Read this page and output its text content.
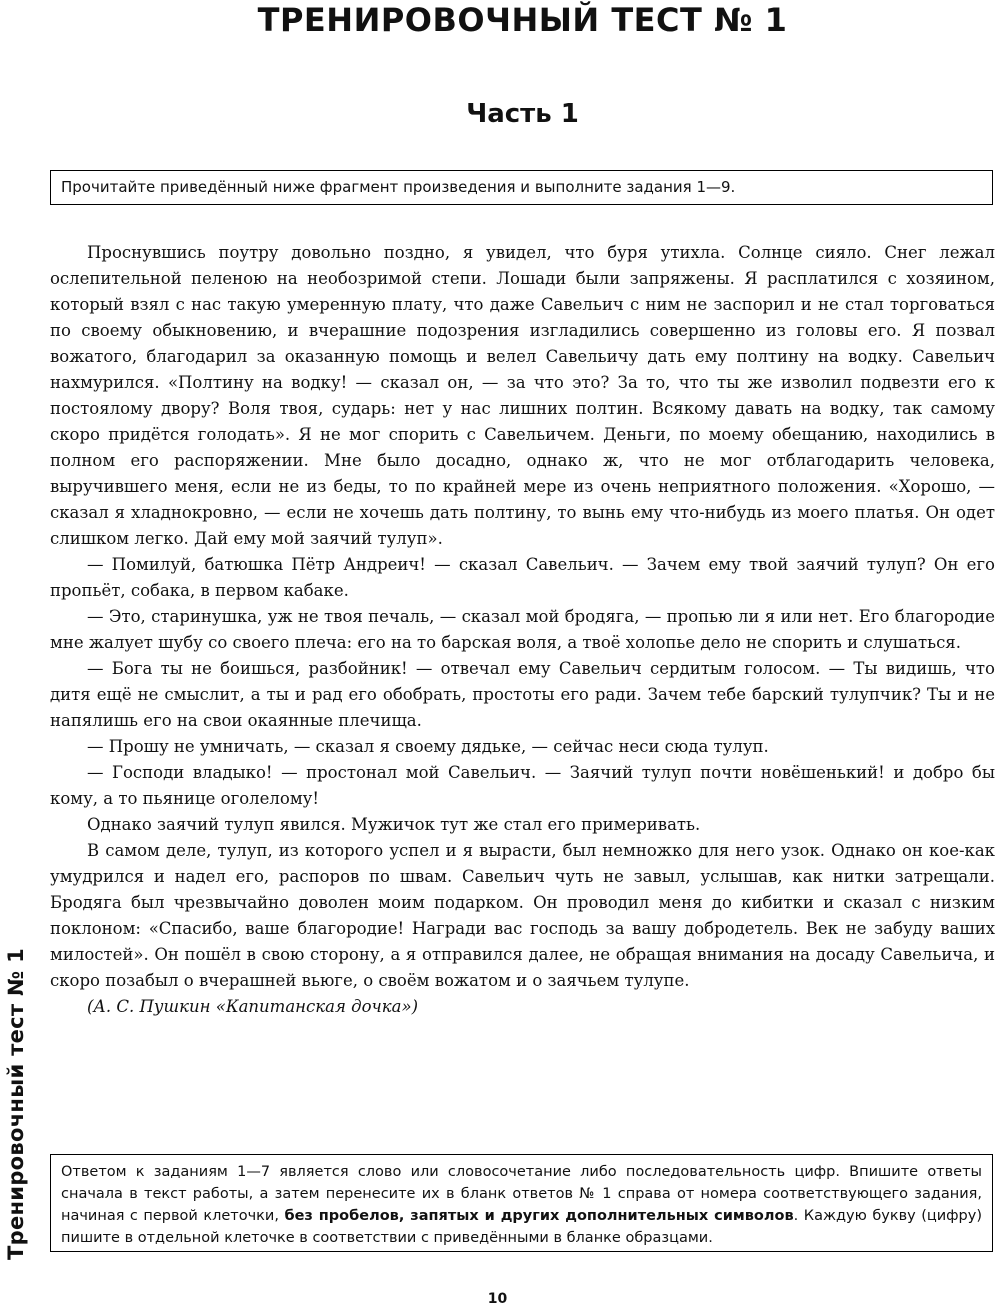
ТРЕНИРОВОЧНЫЙ ТЕСТ № 1
Часть 1
Прочитайте приведённый ниже фрагмент произведения и выполните задания 1—9.

Проснувшись поутру довольно поздно, я увидел, что буря утихла. Солнце сияло. Снег лежал ослепительной пеленою на необозримой степи. Лошади были запряжены. Я расплатился с хозяином, который взял с нас такую умеренную плату, что даже Савельич с ним не заспорил и не стал торговаться по своему обыкновению, и вчерашние подозрения изгладились совершенно из головы его. Я позвал вожатого, благодарил за оказанную помощь и велел Савельичу дать ему полтину на водку. Савельич нахмурился. «Полтину на водку! — сказал он, — за что это? За то, что ты же изволил подвезти его к постоялому двору? Воля твоя, сударь: нет у нас лишних полтин. Всякому давать на водку, так самому скоро придётся голодать». Я не мог спорить с Савельичем. Деньги, по моему обещанию, находились в полном его распоряжении. Мне было досадно, однако ж, что не мог отблагодарить человека, выручившего меня, если не из беды, то по крайней мере из очень неприятного положения. «Хорошо, — сказал я хладнокровно, — если не хочешь дать полтину, то вынь ему что-нибудь из моего платья. Он одет слишком легко. Дай ему мой заячий тулуп».

— Помилуй, батюшка Пётр Андреич! — сказал Савельич. — Зачем ему твой заячий тулуп? Он его пропьёт, собака, в первом кабаке.

— Это, старинушка, уж не твоя печаль, — сказал мой бродяга, — пропью ли я или нет. Его благородие мне жалует шубу со своего плеча: его на то барская воля, а твоё холопье дело не спорить и слушаться.

— Бога ты не боишься, разбойник! — отвечал ему Савельич сердитым голосом. — Ты видишь, что дитя ещё не смыслит, а ты и рад его обобрать, простоты его ради. Зачем тебе барский тулупчик? Ты и не напялишь его на свои окаянные плечища.

— Прошу не умничать, — сказал я своему дядьке, — сейчас неси сюда тулуп.

— Господи владыко! — простонал мой Савельич. — Заячий тулуп почти новёшенький! и добро бы кому, а то пьянице оголелому!

Однако заячий тулуп явился. Мужичок тут же стал его примеривать.

В самом деле, тулуп, из которого успел и я вырасти, был немножко для него узок. Однако он кое-как умудрился и надел его, распоров по швам. Савельич чуть не завыл, услышав, как нитки затрещали. Бродяга был чрезвычайно доволен моим подарком. Он проводил меня до кибитки и сказал с низким поклоном: «Спасибо, ваше благородие! Награди вас господь за вашу добродетель. Век не забуду ваших милостей». Он пошёл в свою сторону, а я отправился далее, не обращая внимания на досаду Савельича, и скоро позабыл о вчерашней вьюге, о своём вожатом и о заячьем тулупе.

(А. С. Пушкин «Капитанская дочка»)

Ответом к заданиям 1—7 является слово или словосочетание либо последовательность цифр. Впишите ответы сначала в текст работы, а затем перенесите их в бланк ответов № 1 справа от номера соответствующего задания, начиная с первой клеточки, без пробелов, запятых и других дополнительных символов. Каждую букву (цифру) пишите в отдельной клеточке в соответствии с приведёнными в бланке образцами.
Тренировочный тест № 1
10
